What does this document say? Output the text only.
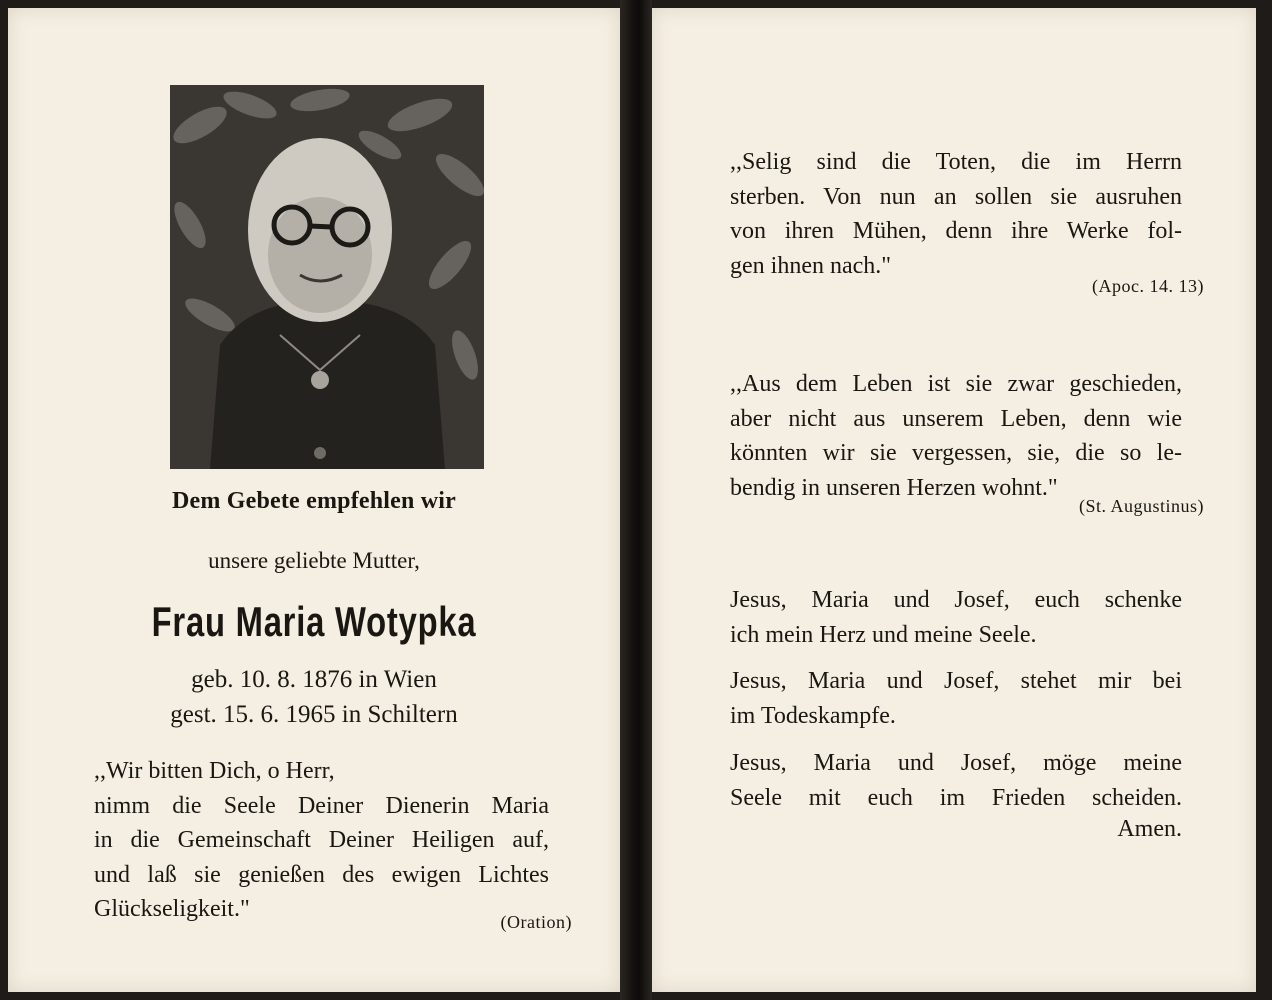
Dem Gebete empfehlen wir
unsere geliebte Mutter,
Frau Maria Wotypka
geb. 10. 8. 1876 in Wien
gest. 15. 6. 1965 in Schiltern
,,Wir bitten Dich, o Herr,
nimm die Seele Deiner Dienerin Maria
in die Gemeinschaft Deiner Heiligen auf,
und laß sie genießen des ewigen Lichtes
Glückseligkeit."	(Oration)
,,Selig sind die Toten, die im Herrn
sterben. Von nun an sollen sie ausruhen
von ihren Mühen, denn ihre Werke fol-
gen ihnen nach."
(Apoc. 14. 13)
,,Aus dem Leben ist sie zwar geschieden,
aber nicht aus unserem Leben, denn wie
könnten wir sie vergessen, sie, die so le-
bendig in unseren Herzen wohnt."
(St. Augustinus)
Jesus, Maria und Josef, euch schenke
ich mein Herz und meine Seele.
Jesus, Maria und Josef, stehet mir bei
im Todeskampfe.
Jesus, Maria und Josef, möge meine
Seele mit euch im Frieden scheiden.
Amen.
